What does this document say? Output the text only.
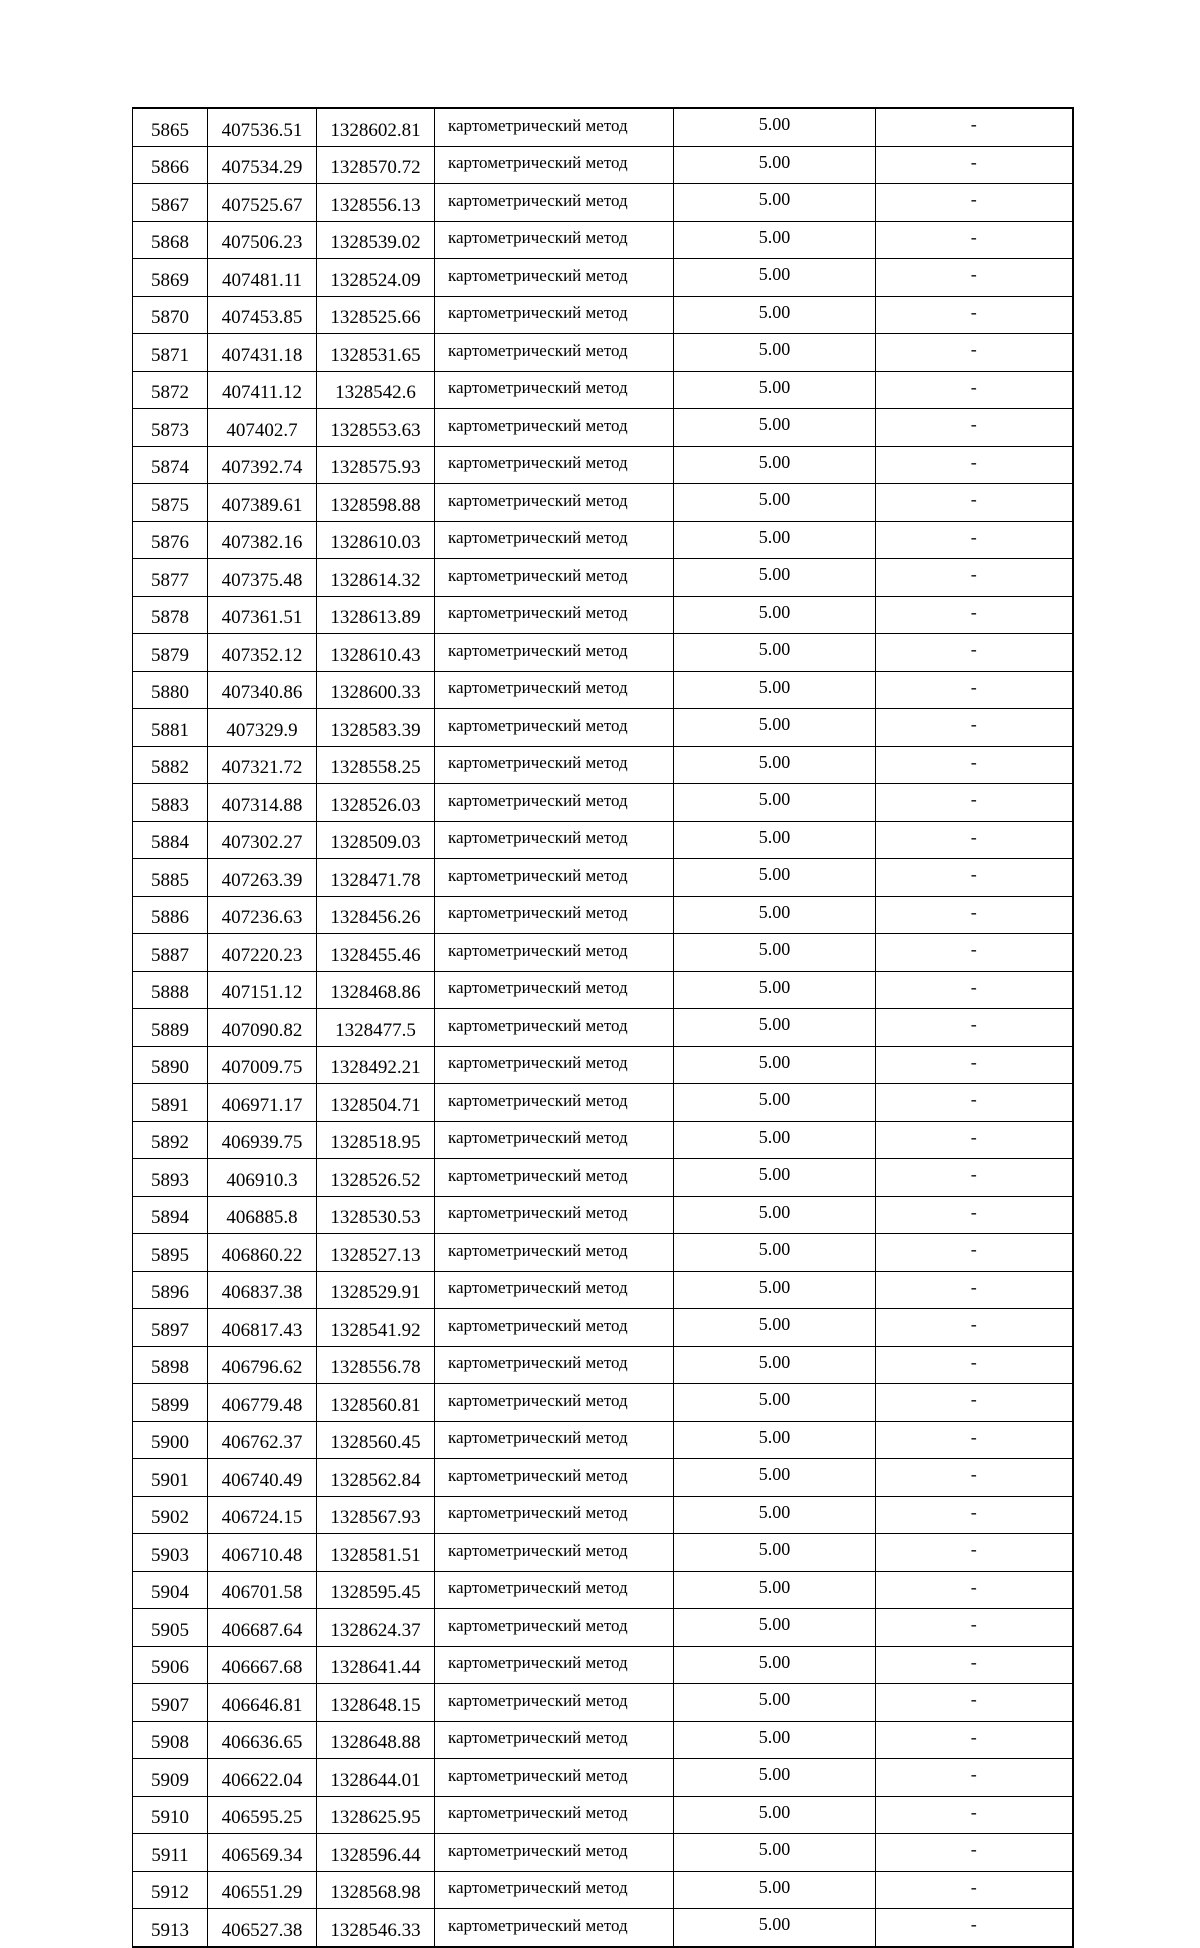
5865	407536.51	1328602.81	картометрический метод	5.00	-
5866	407534.29	1328570.72	картометрический метод	5.00	-
5867	407525.67	1328556.13	картометрический метод	5.00	-
5868	407506.23	1328539.02	картометрический метод	5.00	-
5869	407481.11	1328524.09	картометрический метод	5.00	-
5870	407453.85	1328525.66	картометрический метод	5.00	-
5871	407431.18	1328531.65	картометрический метод	5.00	-
5872	407411.12	1328542.6	картометрический метод	5.00	-
5873	407402.7	1328553.63	картометрический метод	5.00	-
5874	407392.74	1328575.93	картометрический метод	5.00	-
5875	407389.61	1328598.88	картометрический метод	5.00	-
5876	407382.16	1328610.03	картометрический метод	5.00	-
5877	407375.48	1328614.32	картометрический метод	5.00	-
5878	407361.51	1328613.89	картометрический метод	5.00	-
5879	407352.12	1328610.43	картометрический метод	5.00	-
5880	407340.86	1328600.33	картометрический метод	5.00	-
5881	407329.9	1328583.39	картометрический метод	5.00	-
5882	407321.72	1328558.25	картометрический метод	5.00	-
5883	407314.88	1328526.03	картометрический метод	5.00	-
5884	407302.27	1328509.03	картометрический метод	5.00	-
5885	407263.39	1328471.78	картометрический метод	5.00	-
5886	407236.63	1328456.26	картометрический метод	5.00	-
5887	407220.23	1328455.46	картометрический метод	5.00	-
5888	407151.12	1328468.86	картометрический метод	5.00	-
5889	407090.82	1328477.5	картометрический метод	5.00	-
5890	407009.75	1328492.21	картометрический метод	5.00	-
5891	406971.17	1328504.71	картометрический метод	5.00	-
5892	406939.75	1328518.95	картометрический метод	5.00	-
5893	406910.3	1328526.52	картометрический метод	5.00	-
5894	406885.8	1328530.53	картометрический метод	5.00	-
5895	406860.22	1328527.13	картометрический метод	5.00	-
5896	406837.38	1328529.91	картометрический метод	5.00	-
5897	406817.43	1328541.92	картометрический метод	5.00	-
5898	406796.62	1328556.78	картометрический метод	5.00	-
5899	406779.48	1328560.81	картометрический метод	5.00	-
5900	406762.37	1328560.45	картометрический метод	5.00	-
5901	406740.49	1328562.84	картометрический метод	5.00	-
5902	406724.15	1328567.93	картометрический метод	5.00	-
5903	406710.48	1328581.51	картометрический метод	5.00	-
5904	406701.58	1328595.45	картометрический метод	5.00	-
5905	406687.64	1328624.37	картометрический метод	5.00	-
5906	406667.68	1328641.44	картометрический метод	5.00	-
5907	406646.81	1328648.15	картометрический метод	5.00	-
5908	406636.65	1328648.88	картометрический метод	5.00	-
5909	406622.04	1328644.01	картометрический метод	5.00	-
5910	406595.25	1328625.95	картометрический метод	5.00	-
5911	406569.34	1328596.44	картометрический метод	5.00	-
5912	406551.29	1328568.98	картометрический метод	5.00	-
5913	406527.38	1328546.33	картометрический метод	5.00	-
